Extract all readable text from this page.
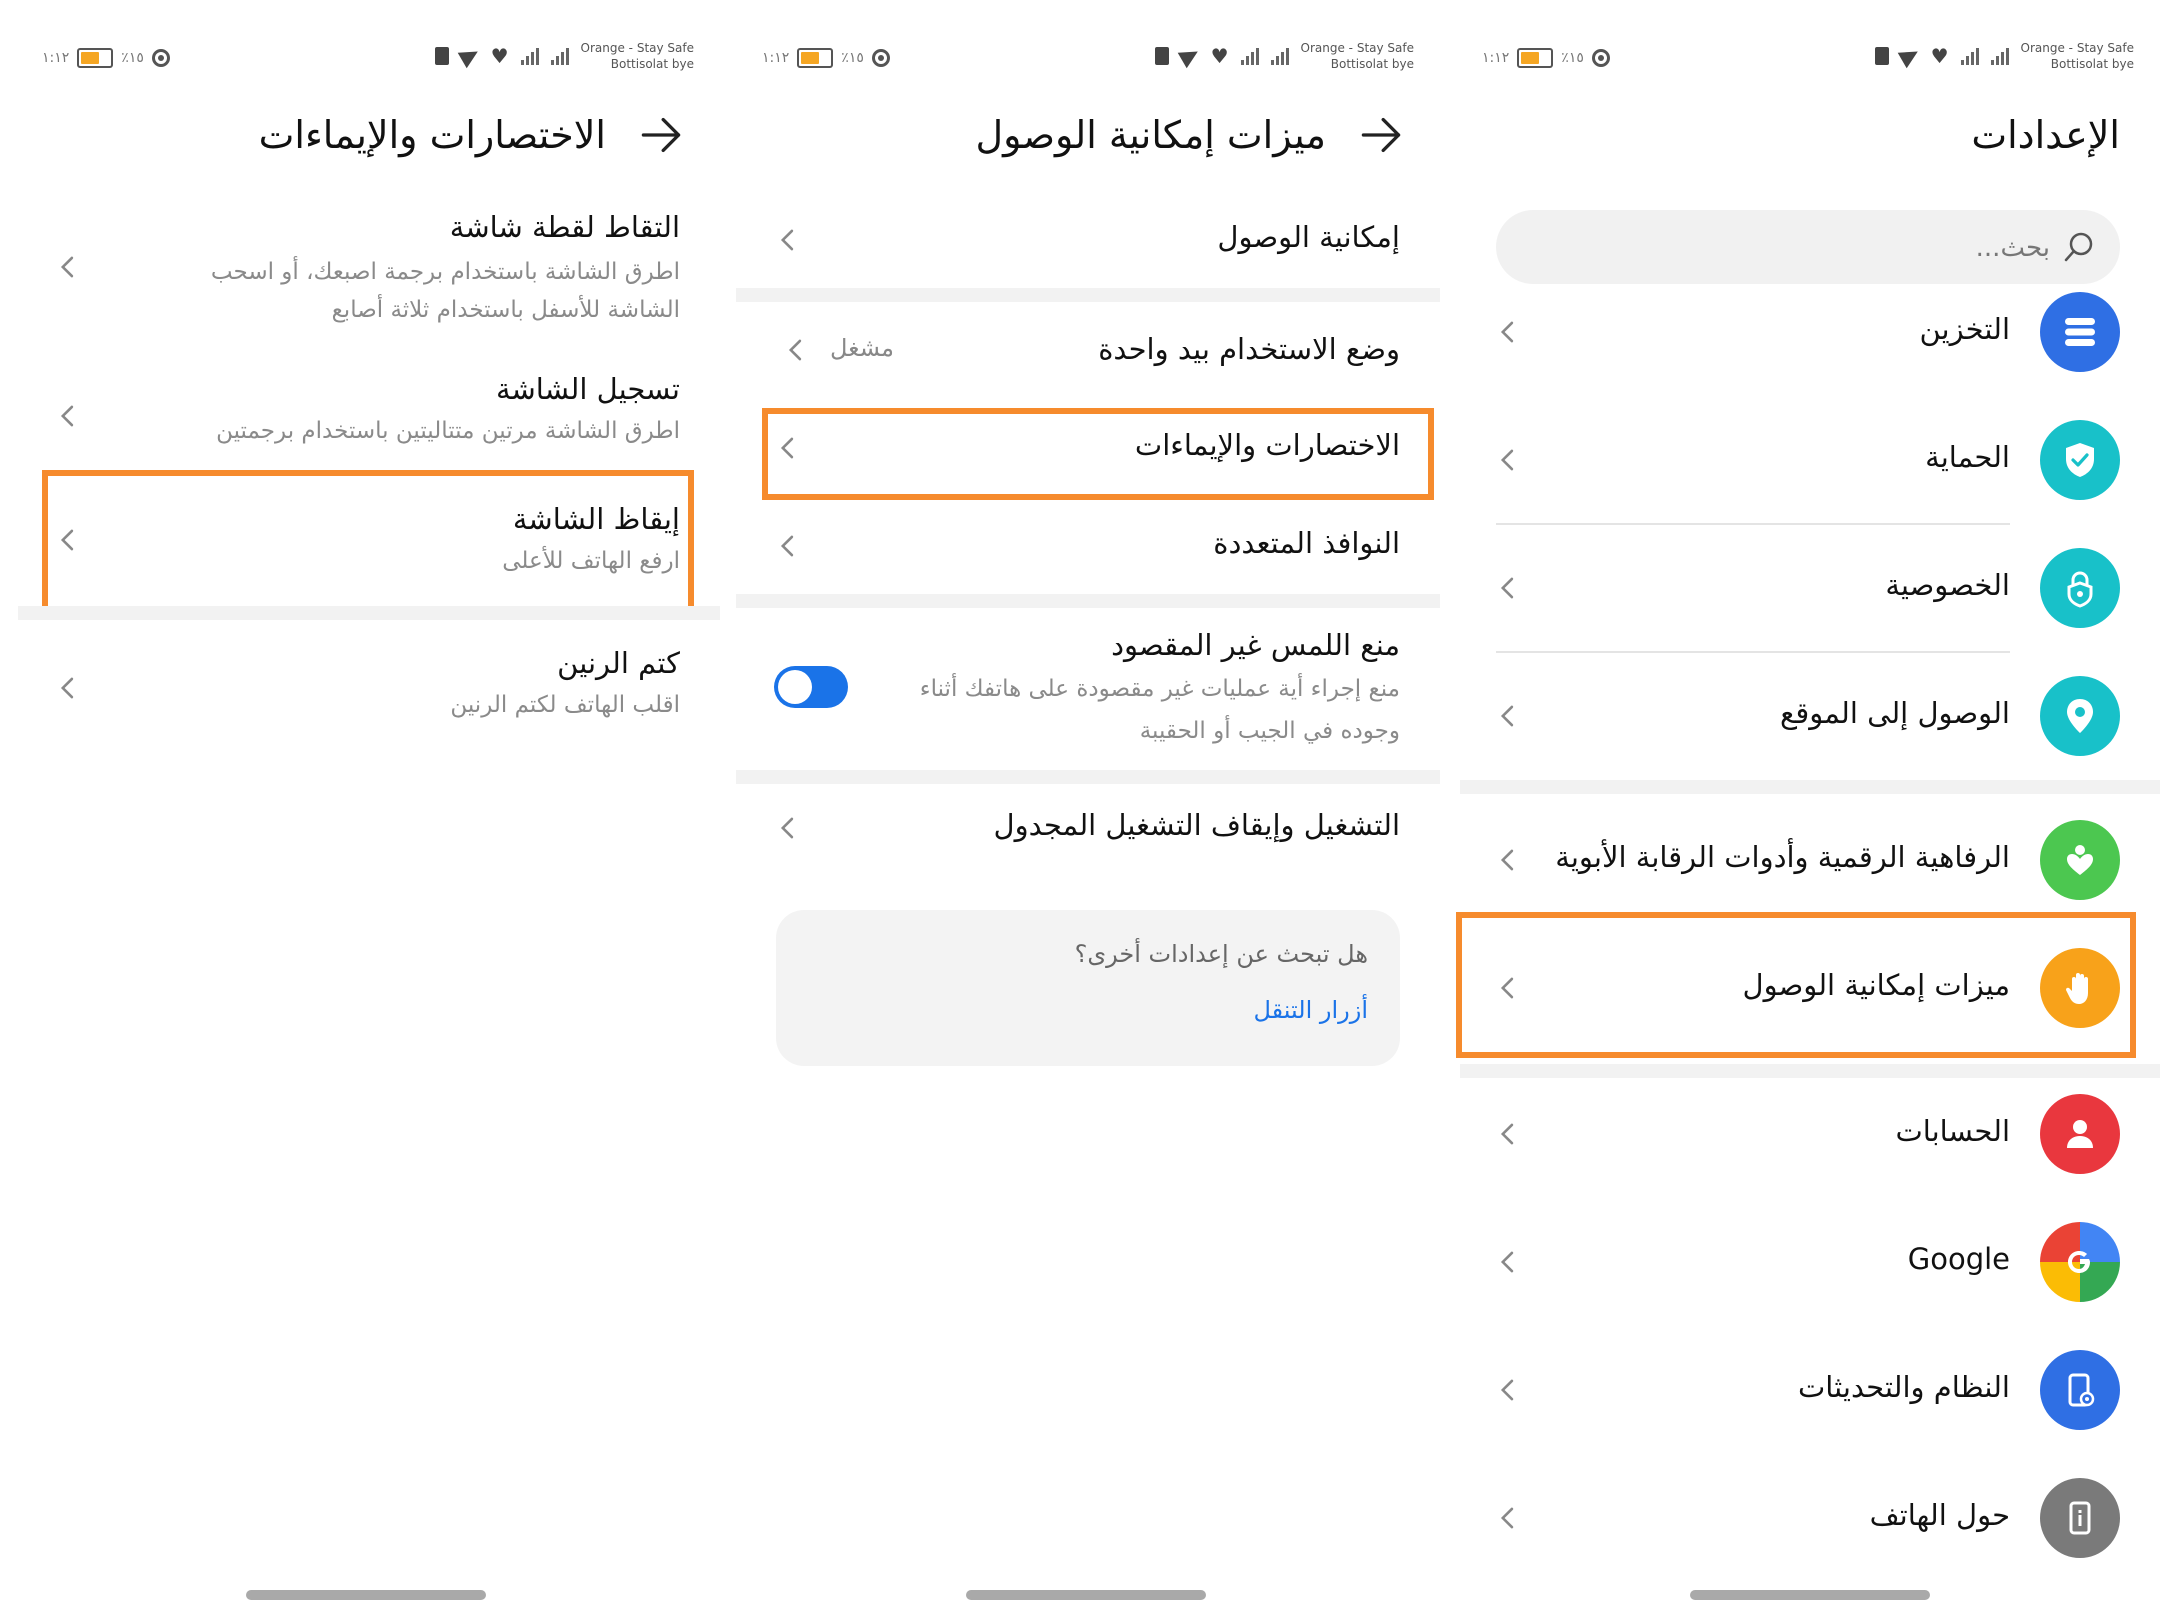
١:١٢	٪١٥	♥	Orange - Stay Safe
Bottisolat bye
الاختصارات والإيماءات
التقاط لقطة شاشة
اطرق الشاشة باستخدام برجمة اصبعك، أو اسحب الشاشة للأسفل باستخدام ثلاثة أصابع
تسجيل الشاشة
اطرق الشاشة مرتين متتاليتين باستخدام برجمتين
إيقاظ الشاشة
ارفع الهاتف للأعلى
كتم الرنين
اقلب الهاتف لكتم الرنين
١:١٢	٪١٥	♥	Orange - Stay Safe
Bottisolat bye
ميزات إمكانية الوصول
إمكانية الوصول
وضع الاستخدام بيد واحدة
مشغل
الاختصارات والإيماءات
النوافذ المتعددة
منع اللمس غير المقصود
منع إجراء أية عمليات غير مقصودة على هاتفك أثناء وجوده في الجيب أو الحقيبة
التشغيل وإيقاف التشغيل المجدول
هل تبحث عن إعدادات أخرى؟
أزرار التنقل
١:١٢	٪١٥	♥	Orange - Stay Safe
Bottisolat bye
الإعدادات
بحث...
التخزين
الحماية
الخصوصية
الوصول إلى الموقع
الرفاهية الرقمية وأدوات الرقابة الأبوية
ميزات إمكانية الوصول
الحسابات
Google
النظام والتحديثات
حول الهاتف
